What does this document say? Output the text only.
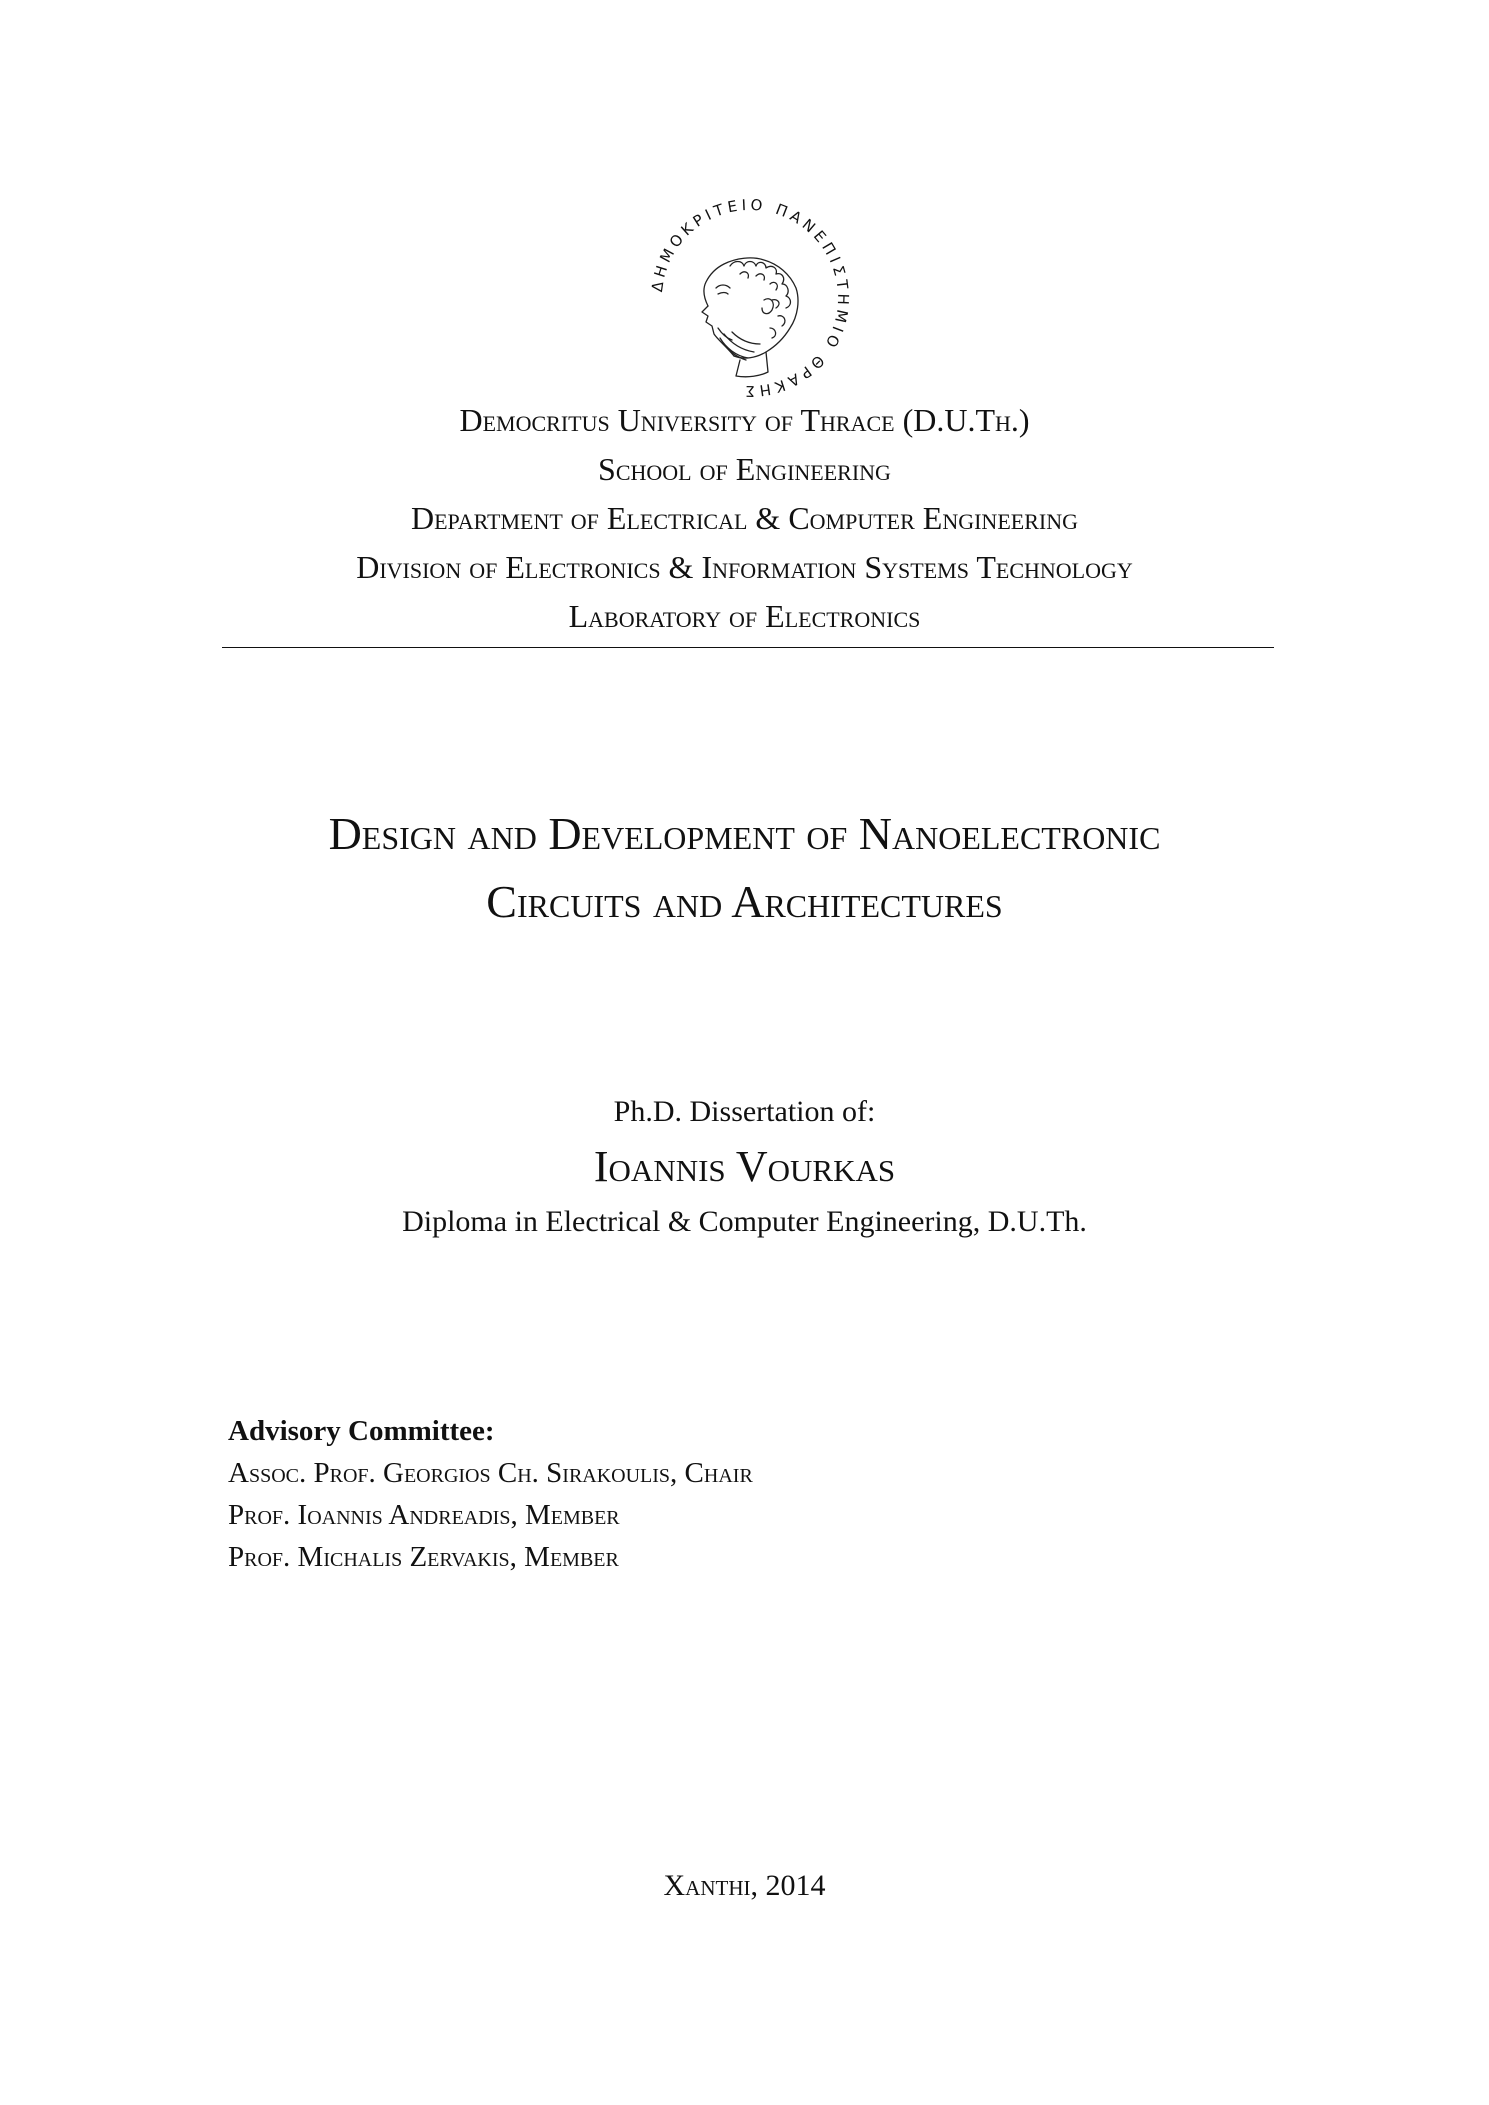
ΔΗΜΟΚΡΙΤΕΙΟ ΠΑΝΕΠΙΣΤΗΜΙΟ ΘΡΑΚΗΣ
Democritus University of Thrace (D.U.Th.)
School of Engineering
Department of Electrical & Computer Engineering
Division of Electronics & Information Systems Technology
Laboratory of Electronics
Design and Development of Nanoelectronic
Circuits and Architectures
Ph.D. Dissertation of:
Ioannis Vourkas
Diploma in Electrical & Computer Engineering, D.U.Th.
Advisory Committee:
Assoc. Prof. Georgios Ch. Sirakoulis, Chair
Prof. Ioannis Andreadis, Member
Prof. Michalis Zervakis, Member
Xanthi, 2014
